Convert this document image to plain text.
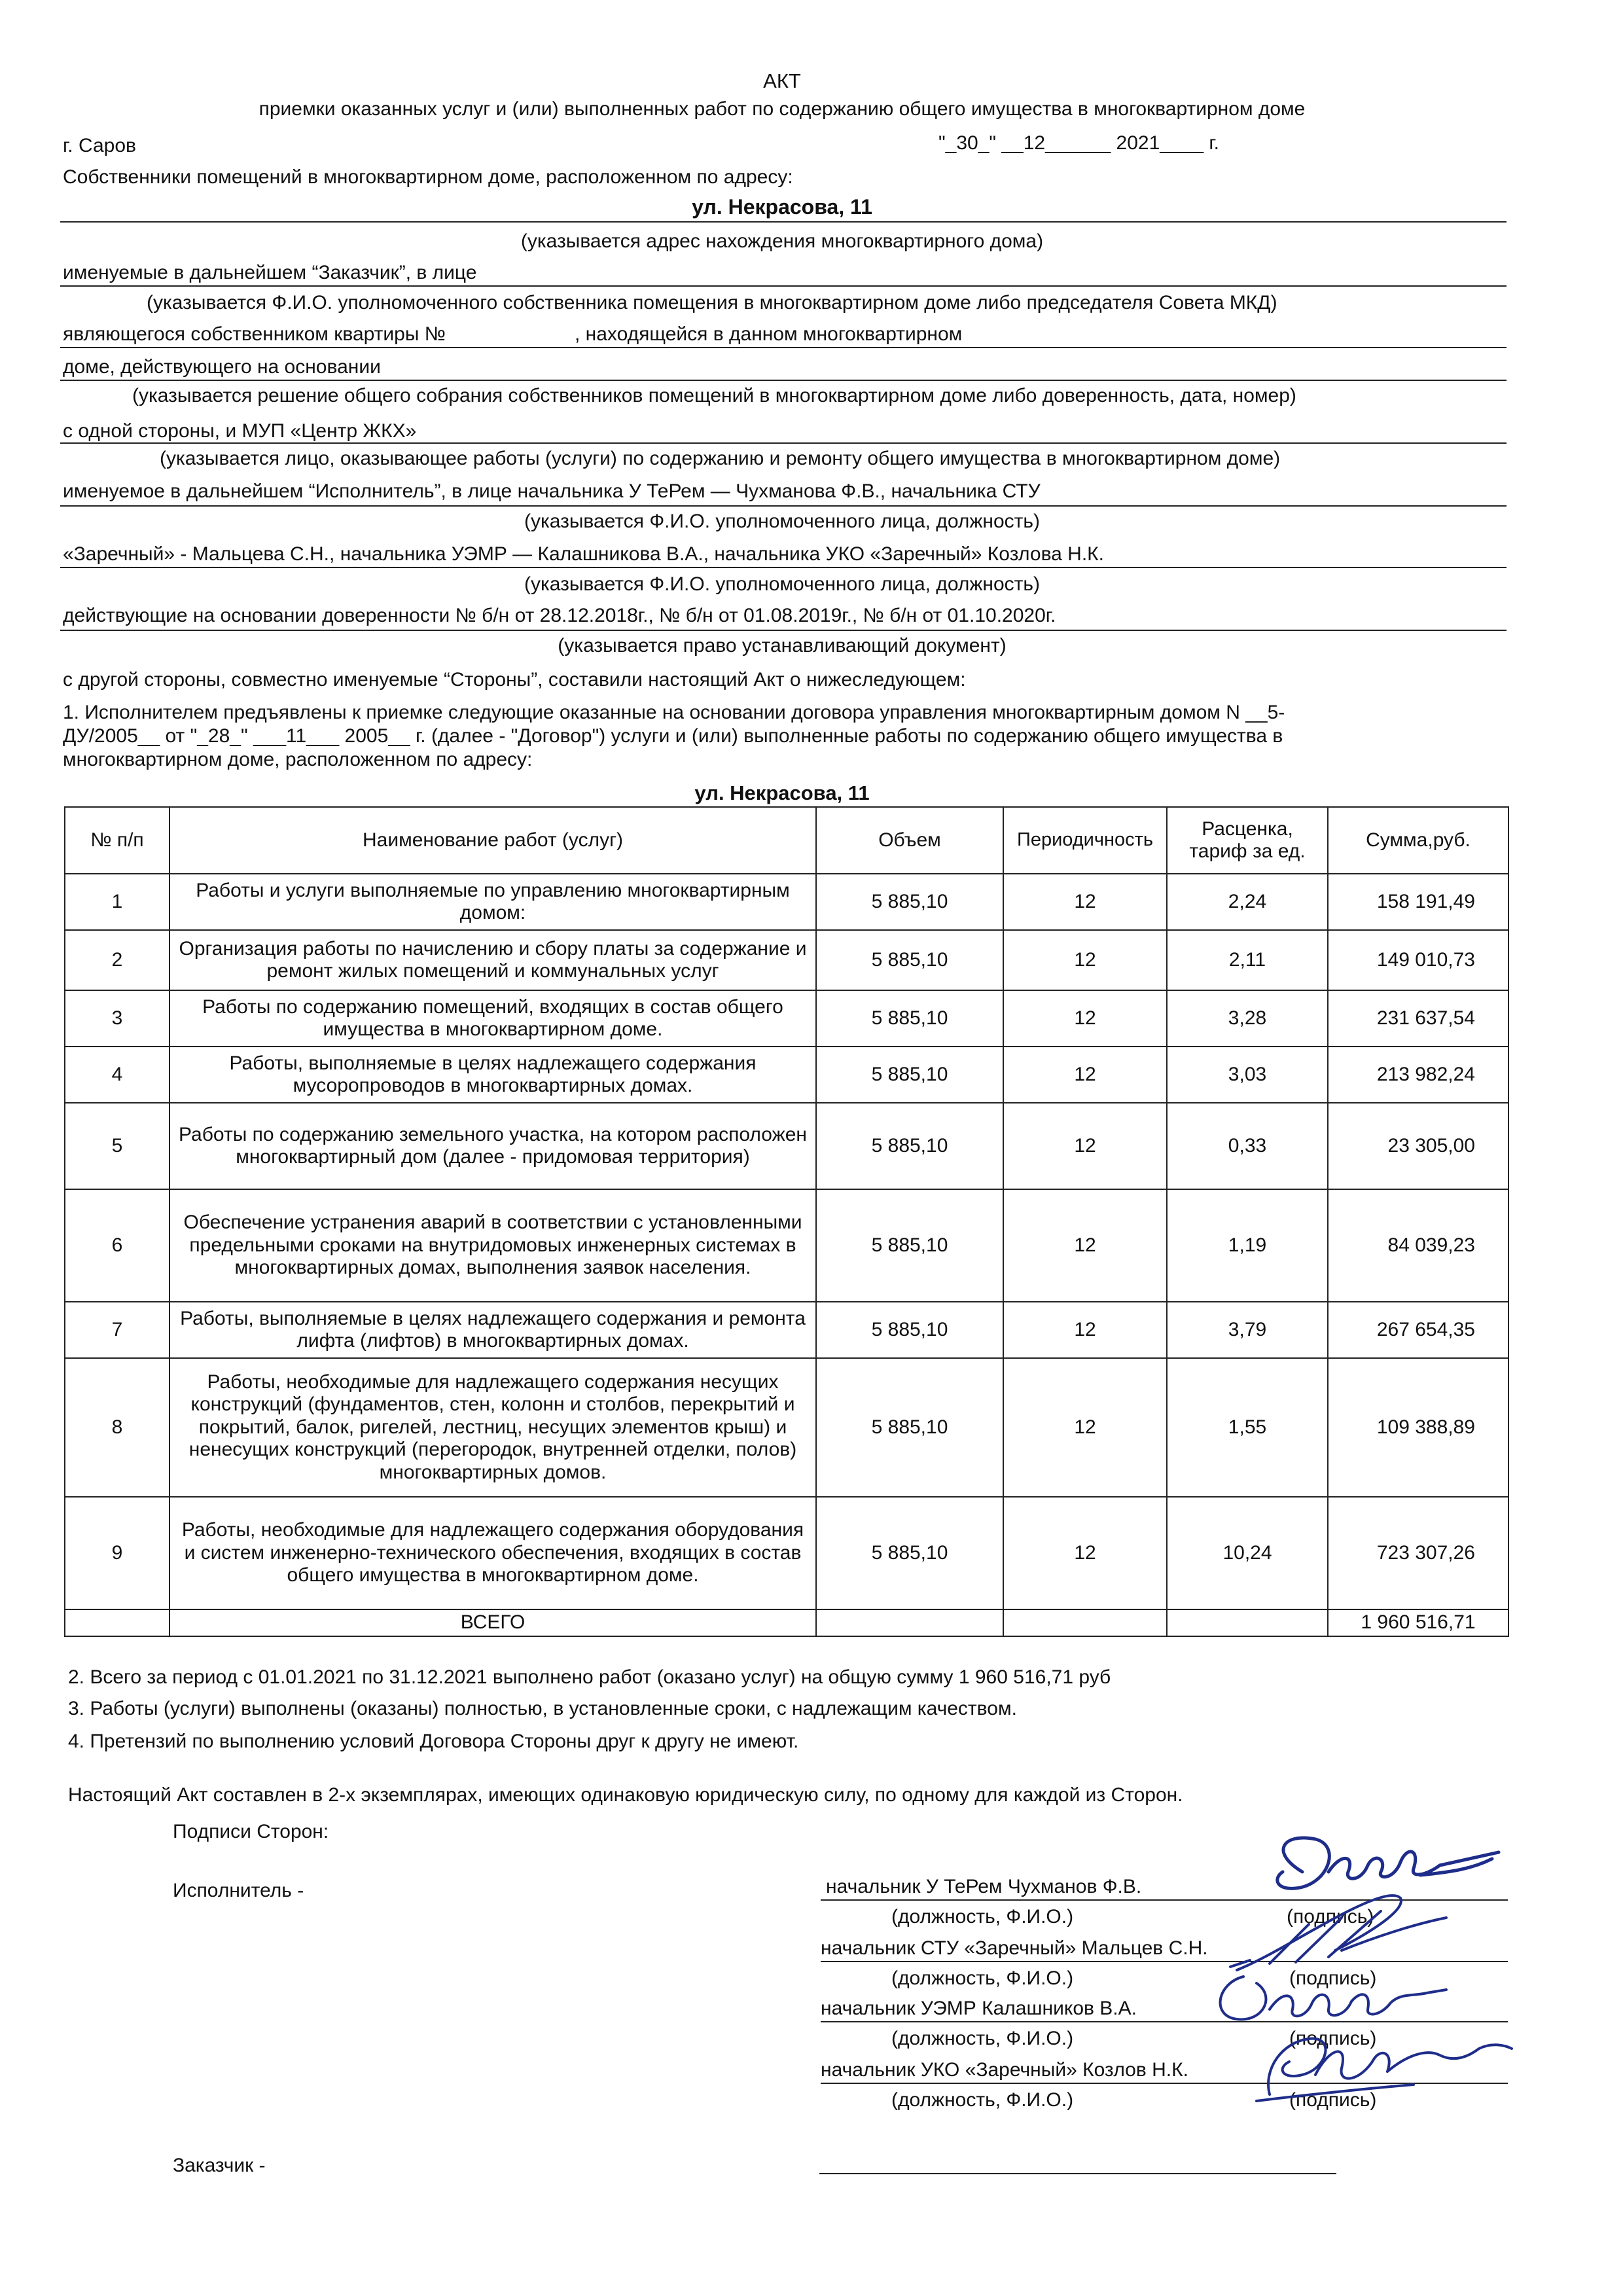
АКТ
приемки оказанных услуг и (или) выполненных работ по содержанию общего имущества в многоквартирном доме
г. Саров	"_30_" __12______ 2021____ г.
Собственники помещений в многоквартирном доме, расположенном по адресу:
ул. Некрасова, 11
(указывается адрес нахождения многоквартирного дома)
именуемые в дальнейшем “Заказчик”, в лице
(указывается Ф.И.О. уполномоченного собственника помещения в многоквартирном доме либо председателя Совета МКД)
являющегося собственником квартиры №	, находящейся в данном многоквартирном
доме, действующего на основании
(указывается решение общего собрания собственников помещений в многоквартирном доме либо доверенность, дата, номер)
с одной стороны, и МУП «Центр ЖКХ»
(указывается лицо, оказывающее работы (услуги) по содержанию и ремонту общего имущества в многоквартирном доме)
именуемое в дальнейшем “Исполнитель”, в лице начальника У ТеРем — Чухманова Ф.В., начальника СТУ
(указывается Ф.И.О. уполномоченного лица, должность)
«Заречный» - Мальцева С.Н., начальника УЭМР — Калашникова В.А., начальника УКО «Заречный» Козлова Н.К.
(указывается Ф.И.О. уполномоченного лица, должность)
действующие на основании доверенности № б/н от 28.12.2018г., № б/н от 01.08.2019г., № б/н от 01.10.2020г.
(указывается право устанавливающий документ)
с другой стороны, совместно именуемые “Стороны”, составили настоящий Акт о нижеследующем:
1. Исполнителем предъявлены к приемке следующие оказанные на основании договора управления многоквартирным домом N __5-
ДУ/2005__ от "_28_" ___11___ 2005__ г. (далее - "Договор") услуги и (или) выполненные работы по содержанию общего имущества в
многоквартирном доме, расположенном по адресу:
ул. Некрасова, 11
№ п/п	Наименование работ (услуг)	Объем	Периодичность	Расценка, тариф за ед.	Сумма,руб.
1	Работы и услуги выполняемые по управлению многоквартирным домом:	5 885,10	12	2,24	158 191,49
2	Организация работы по начислению и сбору платы за содержание и ремонт жилых помещений и коммунальных услуг	5 885,10	12	2,11	149 010,73
3	Работы по содержанию помещений, входящих в состав общего имущества в многоквартирном доме.	5 885,10	12	3,28	231 637,54
4	Работы, выполняемые в целях надлежащего содержания мусоропроводов в многоквартирных домах.	5 885,10	12	3,03	213 982,24
5	Работы по содержанию земельного участка, на котором расположен многоквартирный дом (далее - придомовая территория)	5 885,10	12	0,33	23 305,00
6	Обеспечение устранения аварий в соответствии с установленными предельными сроками на внутридомовых инженерных системах в многоквартирных домах, выполнения заявок населения.	5 885,10	12	1,19	84 039,23
7	Работы, выполняемые в целях надлежащего содержания и ремонта лифта (лифтов) в многоквартирных домах.	5 885,10	12	3,79	267 654,35
8	Работы, необходимые для надлежащего содержания несущих конструкций (фундаментов, стен, колонн и столбов, перекрытий и покрытий, балок, ригелей, лестниц, несущих элементов крыш) и ненесущих конструкций (перегородок, внутренней отделки, полов) многоквартирных домов.	5 885,10	12	1,55	109 388,89
9	Работы, необходимые для надлежащего содержания оборудования и систем инженерно-технического обеспечения, входящих в состав общего имущества в многоквартирном доме.	5 885,10	12	10,24	723 307,26
	ВСЕГО				1 960 516,71
2. Всего за период с 01.01.2021 по 31.12.2021 выполнено работ (оказано услуг) на общую сумму 1 960 516,71 руб
3. Работы (услуги) выполнены (оказаны) полностью, в установленные сроки, с надлежащим качеством.
4. Претензий по выполнению условий Договора Стороны друг к другу не имеют.
Настоящий Акт составлен в 2-х экземплярах, имеющих одинаковую юридическую силу, по одному для каждой из Сторон.
Подписи Сторон:
Исполнитель -	начальник У ТеРем Чухманов Ф.В.
(должность, Ф.И.О.)	(подпись)
начальник СТУ «Заречный» Мальцев С.Н.
(должность, Ф.И.О.)	(подпись)
начальник УЭМР Калашников В.А.
(должность, Ф.И.О.)	(подпись)
начальник УКО «Заречный» Козлов Н.К.
(должность, Ф.И.О.)	(подпись)
Заказчик -
